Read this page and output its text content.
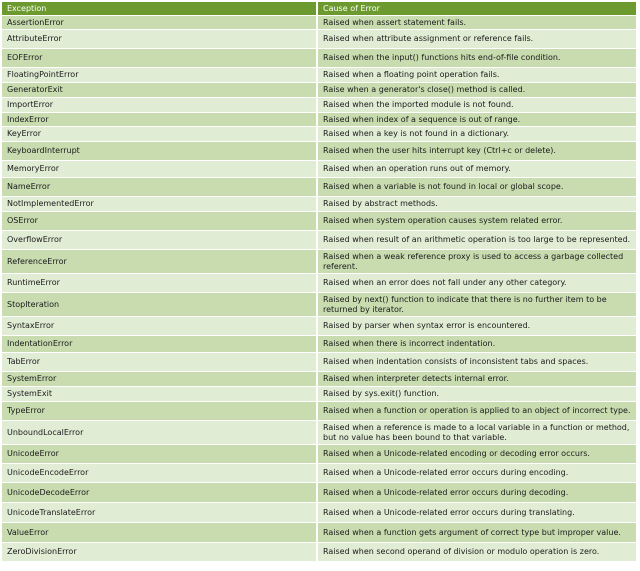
Exception	Cause of Error
AssertionError	Raised when assert statement fails.
AttributeError	Raised when attribute assignment or reference fails.
EOFError	Raised when the input() functions hits end-of-file condition.
FloatingPointError	Raised when a floating point operation fails.
GeneratorExit	Raise when a generator's close() method is called.
ImportError	Raised when the imported module is not found.
IndexError	Raised when index of a sequence is out of range.
KeyError	Raised when a key is not found in a dictionary.
KeyboardInterrupt	Raised when the user hits interrupt key (Ctrl+c or delete).
MemoryError	Raised when an operation runs out of memory.
NameError	Raised when a variable is not found in local or global scope.
NotImplementedError	Raised by abstract methods.
OSError	Raised when system operation causes system related error.
OverflowError	Raised when result of an arithmetic operation is too large to be represented.
ReferenceError	Raised when a weak reference proxy is used to access a garbage collected referent.
RuntimeError	Raised when an error does not fall under any other category.
StopIteration	Raised by next() function to indicate that there is no further item to be returned by iterator.
SyntaxError	Raised by parser when syntax error is encountered.
IndentationError	Raised when there is incorrect indentation.
TabError	Raised when indentation consists of inconsistent tabs and spaces.
SystemError	Raised when interpreter detects internal error.
SystemExit	Raised by sys.exit() function.
TypeError	Raised when a function or operation is applied to an object of incorrect type.
UnboundLocalError	Raised when a reference is made to a local variable in a function or method, but no value has been bound to that variable.
UnicodeError	Raised when a Unicode-related encoding or decoding error occurs.
UnicodeEncodeError	Raised when a Unicode-related error occurs during encoding.
UnicodeDecodeError	Raised when a Unicode-related error occurs during decoding.
UnicodeTranslateError	Raised when a Unicode-related error occurs during translating.
ValueError	Raised when a function gets argument of correct type but improper value.
ZeroDivisionError	Raised when second operand of division or modulo operation is zero.
